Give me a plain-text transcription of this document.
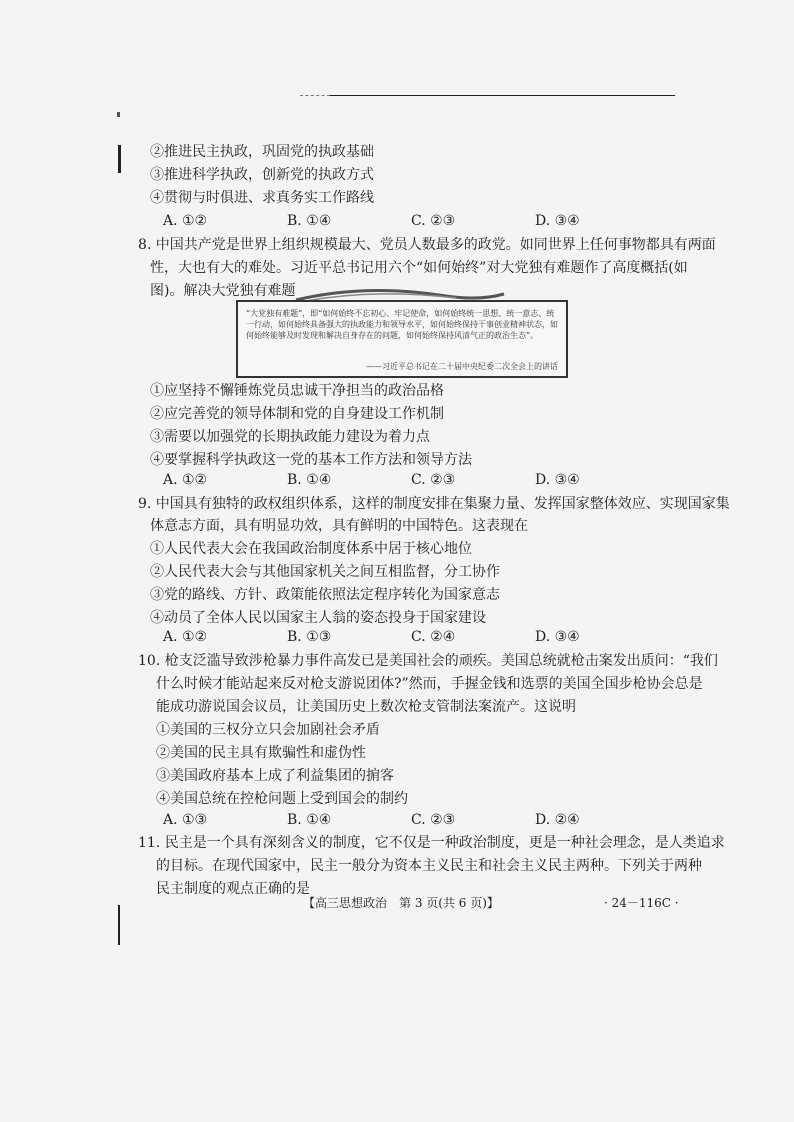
②推进民主执政，巩固党的执政基础
③推进科学执政，创新党的执政方式
④贯彻与时俱进、求真务实工作路线
A. ①②	B. ①④	C. ②③	D. ③④
8. 中国共产党是世界上组织规模最大、党员人数最多的政党。如同世界上任何事物都具有两面
性，大也有大的难处。习近平总书记用六个“如何始终”对大党独有难题作了高度概括(如
图)。解决大党独有难题
“大党独有难题”，即“如何始终不忘初心、牢记使命，如何始终统一思想、统一意志、统一行动，如何始终具备强大的执政能力和领导水平，如何始终保持干事创业精神状态，如何始终能够及时发现和解决自身存在的问题，如何始终保持风清气正的政治生态”。
——习近平总书记在二十届中央纪委二次全会上的讲话
①应坚持不懈锤炼党员忠诚干净担当的政治品格
②应完善党的领导体制和党的自身建设工作机制
③需要以加强党的长期执政能力建设为着力点
④要掌握科学执政这一党的基本工作方法和领导方法
A. ①②	B. ①④	C. ②③	D. ③④
9. 中国具有独特的政权组织体系，这样的制度安排在集聚力量、发挥国家整体效应、实现国家集
体意志方面，具有明显功效，具有鲜明的中国特色。这表现在
①人民代表大会在我国政治制度体系中居于核心地位
②人民代表大会与其他国家机关之间互相监督，分工协作
③党的路线、方针、政策能依照法定程序转化为国家意志
④动员了全体人民以国家主人翁的姿态投身于国家建设
A. ①②	B. ①③	C. ②④	D. ③④
10. 枪支泛滥导致涉枪暴力事件高发已是美国社会的顽疾。美国总统就枪击案发出质问：“我们
什么时候才能站起来反对枪支游说团体?”然而，手握金钱和选票的美国全国步枪协会总是
能成功游说国会议员，让美国历史上数次枪支管制法案流产。这说明
①美国的三权分立只会加剧社会矛盾
②美国的民主具有欺骗性和虚伪性
③美国政府基本上成了利益集团的掮客
④美国总统在控枪问题上受到国会的制约
A. ①③	B. ①④	C. ②③	D. ②④
11. 民主是一个具有深刻含义的制度，它不仅是一种政治制度，更是一种社会理念，是人类追求
的目标。在现代国家中，民主一般分为资本主义民主和社会主义民主两种。下列关于两种
民主制度的观点正确的是
【高三思想政治　第 3 页(共 6 页)】	· 24－116C ·
